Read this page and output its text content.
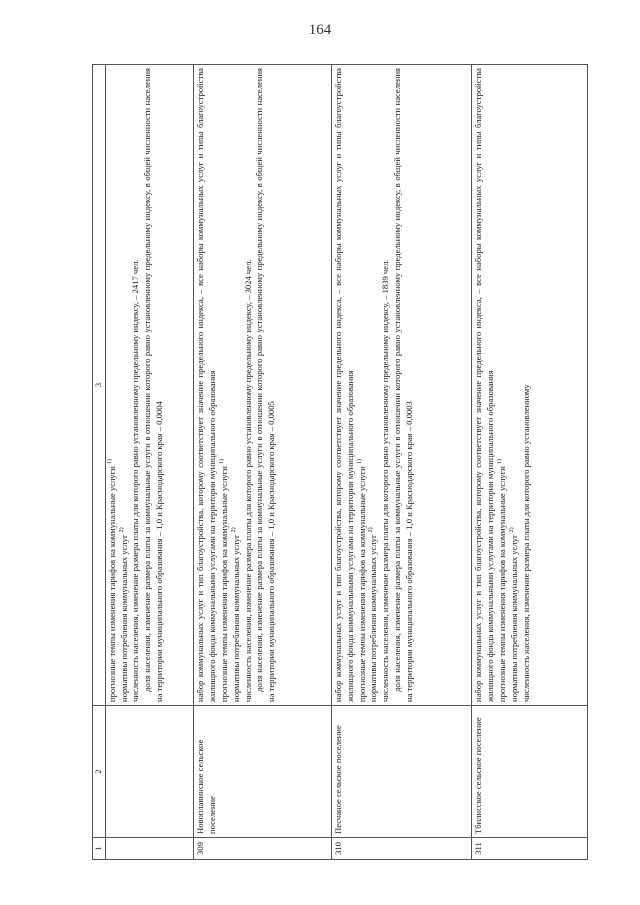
164
1	2	3

		прогнозные темпы изменения тарифов на коммунальные услуги $^{1)}$
нормативы потребления коммунальных услуг $^{2)}$ численность населения, изменение размера платы для которого равно установленному предельному индексу, – 2417 чел. доля населения, изменение размера платы за коммунальные услуги в отношении которого равно установленному предельному индексу, в общей численности населения на территории муниципального образования – 1,0 и Краснодарского края – 0,0004

309	Новоплавинское сельское поселение	набор коммунальных услуг и тип благоустройства, которому соответствует значение предельного индекса, – все наборы коммунальных услуг и типы благоустройства жилищного фонда коммунальными услугами на территории муниципального образования прогнозные темпы изменения тарифов на коммунальные услуги $^{1)}$
нормативы потребления коммунальных услуг $^{2)}$ численность населения, изменение размера платы для которого равно установленному предельному индексу, – 3024 чел. доля населения, изменение размера платы за коммунальные услуги в отношении которого равно установленному предельному индексу, в общей численности населения на территории муниципального образования – 1,0 и Краснодарского края – 0,0005

310	Песчаное сельское поселение	набор коммунальных услуг и тип благоустройства, которому соответствует значение предельного индекса, – все наборы коммунальных услуг и типы благоустройства жилищного фонда коммунальными услугами на территории муниципального образования прогнозные темпы изменения тарифов на коммунальные услуги $^{1)}$
нормативы потребления коммунальных услуг $^{2)}$ численность населения, изменение размера платы для которого равно установленному предельному индексу, – 1839 чел. доля населения, изменение размера платы за коммунальные услуги в отношении которого равно установленному предельному индексу, в общей численности населения на территории муниципального образования – 1,0 и Краснодарского края – 0,0003

311	Тбилисское сельское поселение	набор коммунальных услуг и тип благоустройства, которому соответствует значение предельного индекса, – все наборы коммунальных услуг и типы благоустройства жилищного фонда коммунальными услугами на территории муниципального образования прогнозные темпы изменения тарифов на коммунальные услуги $^{1)}$
нормативы потребления коммунальных услуг $^{2)}$ численность населения, изменение размера платы для которого равно установленному
